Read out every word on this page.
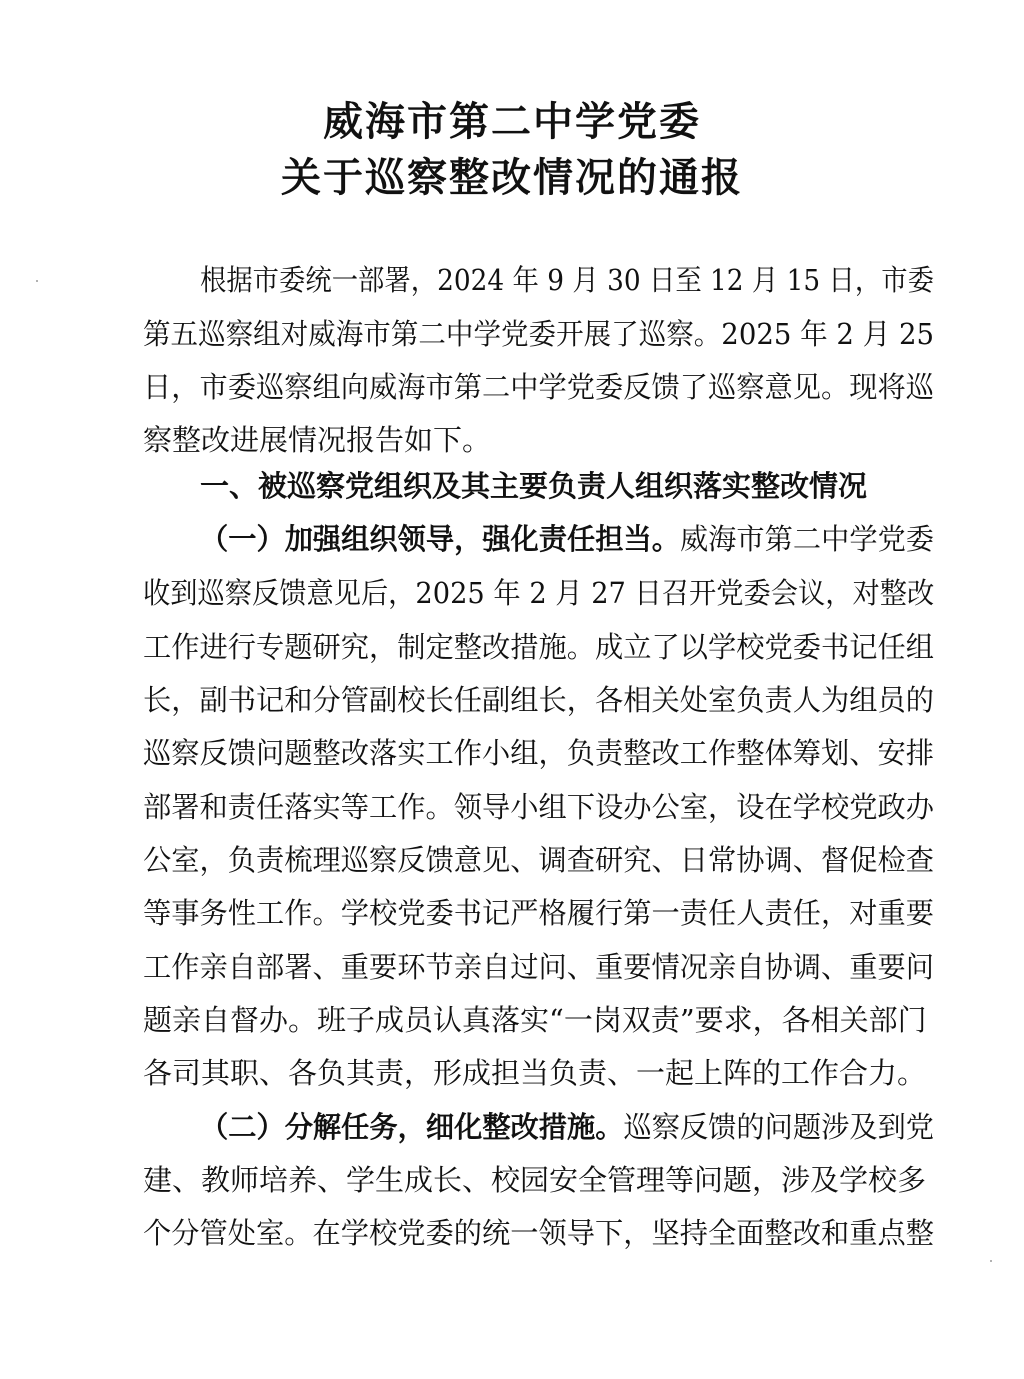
威海市第二中学党委
关于巡察整改情况的通报
根据市委统一部署，2024 年 9 月 30 日至 12 月 15 日，市委
第五巡察组对威海市第二中学党委开展了巡察。2025 年 2 月 25
日，市委巡察组向威海市第二中学党委反馈了巡察意见。现将巡
察整改进展情况报告如下。
一、被巡察党组织及其主要负责人组织落实整改情况
（一）加强组织领导，强化责任担当。威海市第二中学党委
收到巡察反馈意见后，2025 年 2 月 27 日召开党委会议，对整改
工作进行专题研究，制定整改措施。成立了以学校党委书记任组
长，副书记和分管副校长任副组长，各相关处室负责人为组员的
巡察反馈问题整改落实工作小组，负责整改工作整体筹划、安排
部署和责任落实等工作。领导小组下设办公室，设在学校党政办
公室，负责梳理巡察反馈意见、调查研究、日常协调、督促检查
等事务性工作。学校党委书记严格履行第一责任人责任，对重要
工作亲自部署、重要环节亲自过问、重要情况亲自协调、重要问
题亲自督办。班子成员认真落实“一岗双责”要求，各相关部门
各司其职、各负其责，形成担当负责、一起上阵的工作合力。
（二）分解任务，细化整改措施。巡察反馈的问题涉及到党
建、教师培养、学生成长、校园安全管理等问题，涉及学校多
个分管处室。在学校党委的统一领导下，坚持全面整改和重点整
